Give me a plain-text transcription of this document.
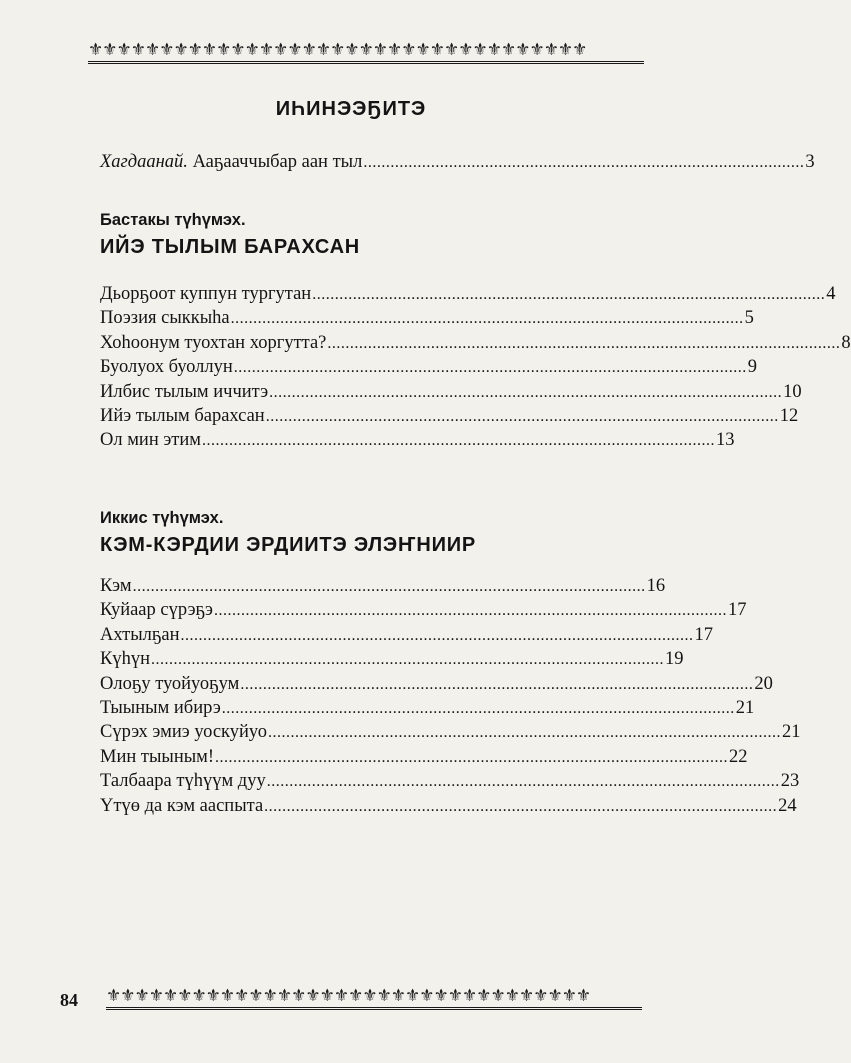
⚜⚜⚜⚜⚜⚜⚜⚜⚜⚜⚜⚜⚜⚜⚜⚜⚜⚜⚜⚜⚜⚜⚜⚜⚜⚜⚜⚜⚜⚜⚜⚜⚜⚜⚜
ИҺИНЭЭҔИТЭ
Хагдаанай. Ааҕааччыбар аан тыл .................................................................................................. 3
Бастакы түһүмэх.
ИЙЭ ТЫЛЫМ БАРАХСАН
Дьорҕоот куппун тургутан .................................................................................................................. 4
Поэзия сыккыһа .................................................................................................................. 5
Хоһоонум туохтан хоргутта? .................................................................................................................. 8
Буолуох буоллун .................................................................................................................. 9
Илбис тылым иччитэ .................................................................................................................. 10
Ийэ тылым барахсан .................................................................................................................. 12
Ол мин этим .................................................................................................................. 13
Иккис түһүмэх.
КЭМ-КЭРДИИ ЭРДИИТЭ ЭЛЭҤНИИР
Кэм .................................................................................................................. 16
Куйаар сүрэҕэ .................................................................................................................. 17
Ахтылҕан .................................................................................................................. 17
Күһүн .................................................................................................................. 19
Олоҕу туойуоҕум .................................................................................................................. 20
Тыыным ибирэ .................................................................................................................. 21
Сүрэх эмиэ уоскуйуо .................................................................................................................. 21
Мин тыыным! .................................................................................................................. 22
Талбаара түһүүм дуу .................................................................................................................. 23
Үтүө да кэм ааспыта .................................................................................................................. 24
84 ⚜⚜⚜⚜⚜⚜⚜⚜⚜⚜⚜⚜⚜⚜⚜⚜⚜⚜⚜⚜⚜⚜⚜⚜⚜⚜⚜⚜⚜⚜⚜⚜⚜⚜
